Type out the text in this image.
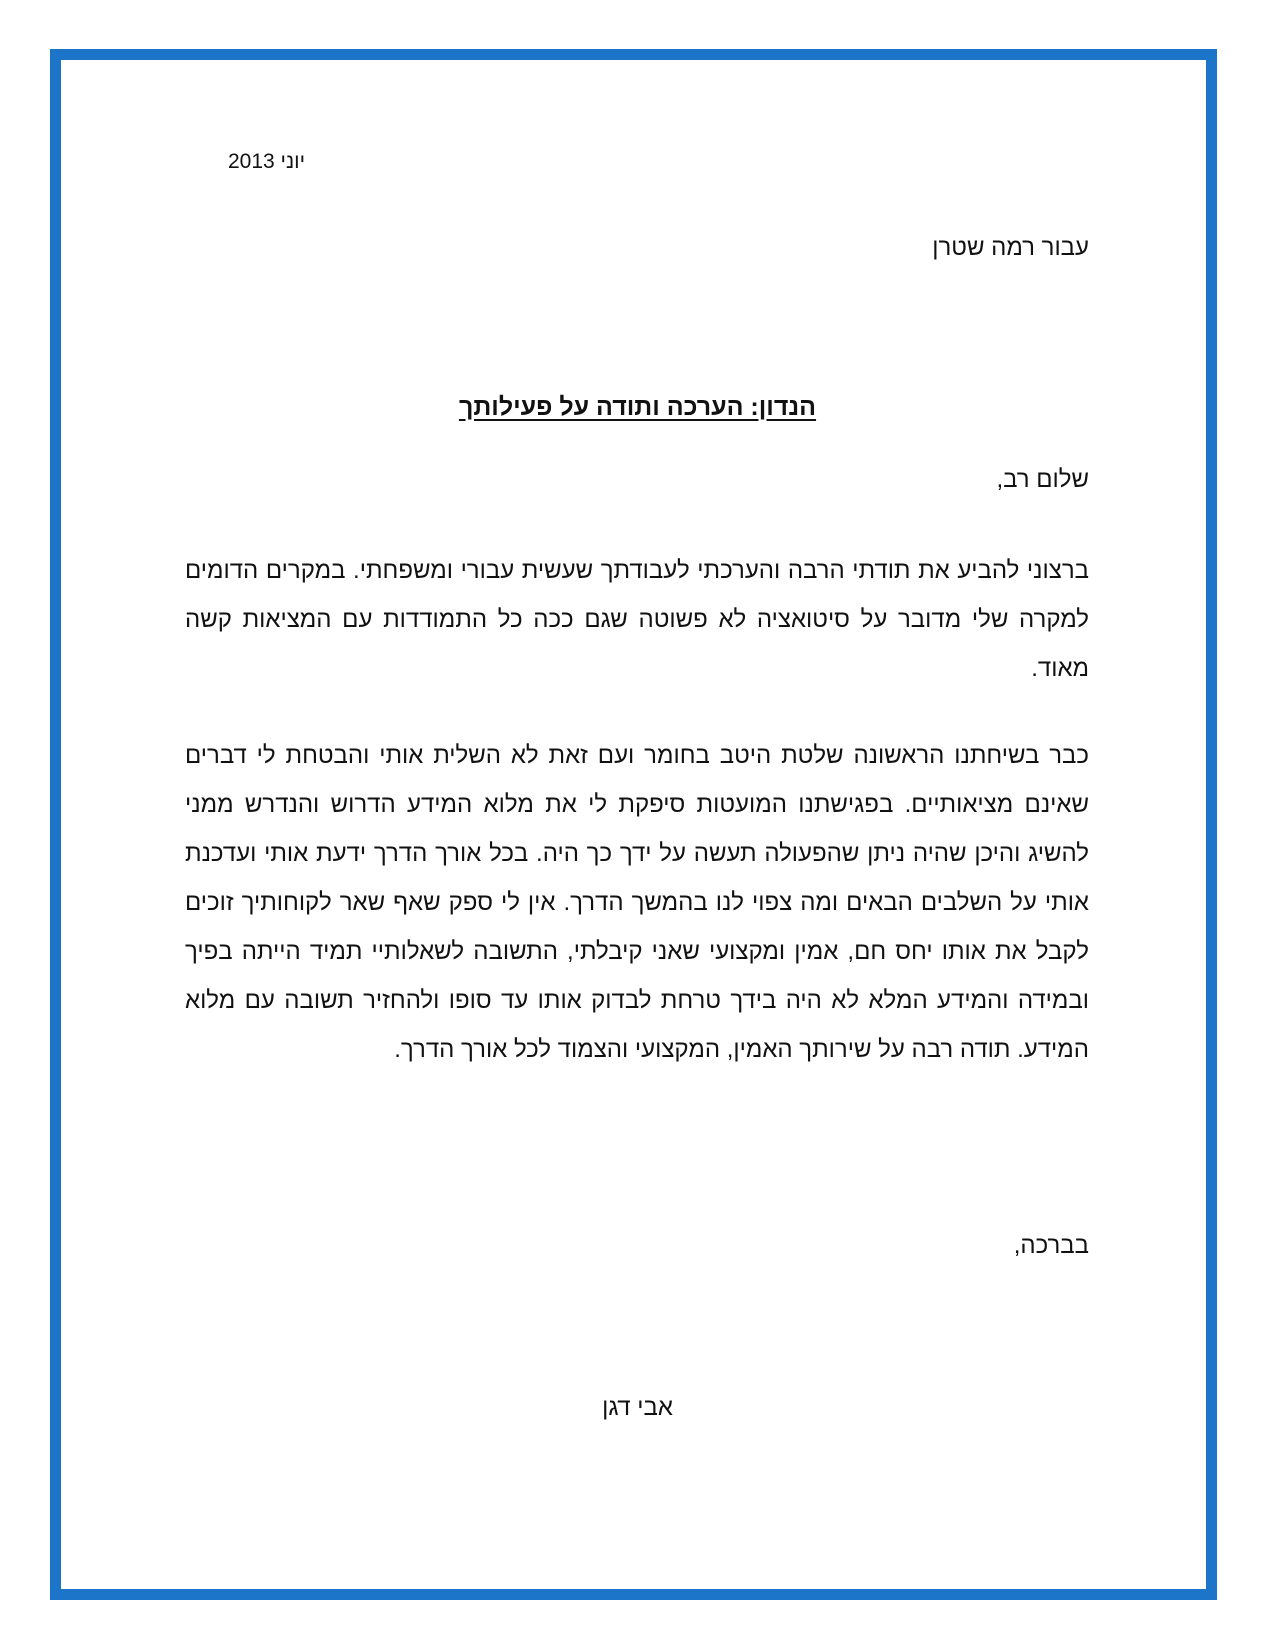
יוני 2013
עבור רמה שטרן
הנדון: הערכה ותודה על פעילותך
שלום רב,
ברצוני להביע את תודתי הרבה והערכתי לעבודתך שעשית עבורי ומשפחתי. במקרים הדומים למקרה שלי מדובר על סיטואציה לא פשוטה שגם ככה כל התמודדות עם המציאות קשה מאוד.
כבר בשיחתנו הראשונה שלטת היטב בחומר ועם זאת לא השלית אותי והבטחת לי דברים שאינם מציאותיים. בפגישתנו המועטות סיפקת לי את מלוא המידע הדרוש והנדרש ממני להשיג והיכן שהיה ניתן שהפעולה תעשה על ידך כך היה. בכל אורך הדרך ידעת אותי ועדכנת אותי על השלבים הבאים ומה צפוי לנו בהמשך הדרך. אין לי ספק שאף שאר לקוחותיך זוכים לקבל את אותו יחס חם, אמין ומקצועי שאני קיבלתי, התשובה לשאלותיי תמיד הייתה בפיך ובמידה והמידע המלא לא היה בידך טרחת לבדוק אותו עד סופו ולהחזיר תשובה עם מלוא המידע. תודה רבה על שירותך האמין, המקצועי והצמוד לכל אורך הדרך.
בברכה,
אבי דגן
